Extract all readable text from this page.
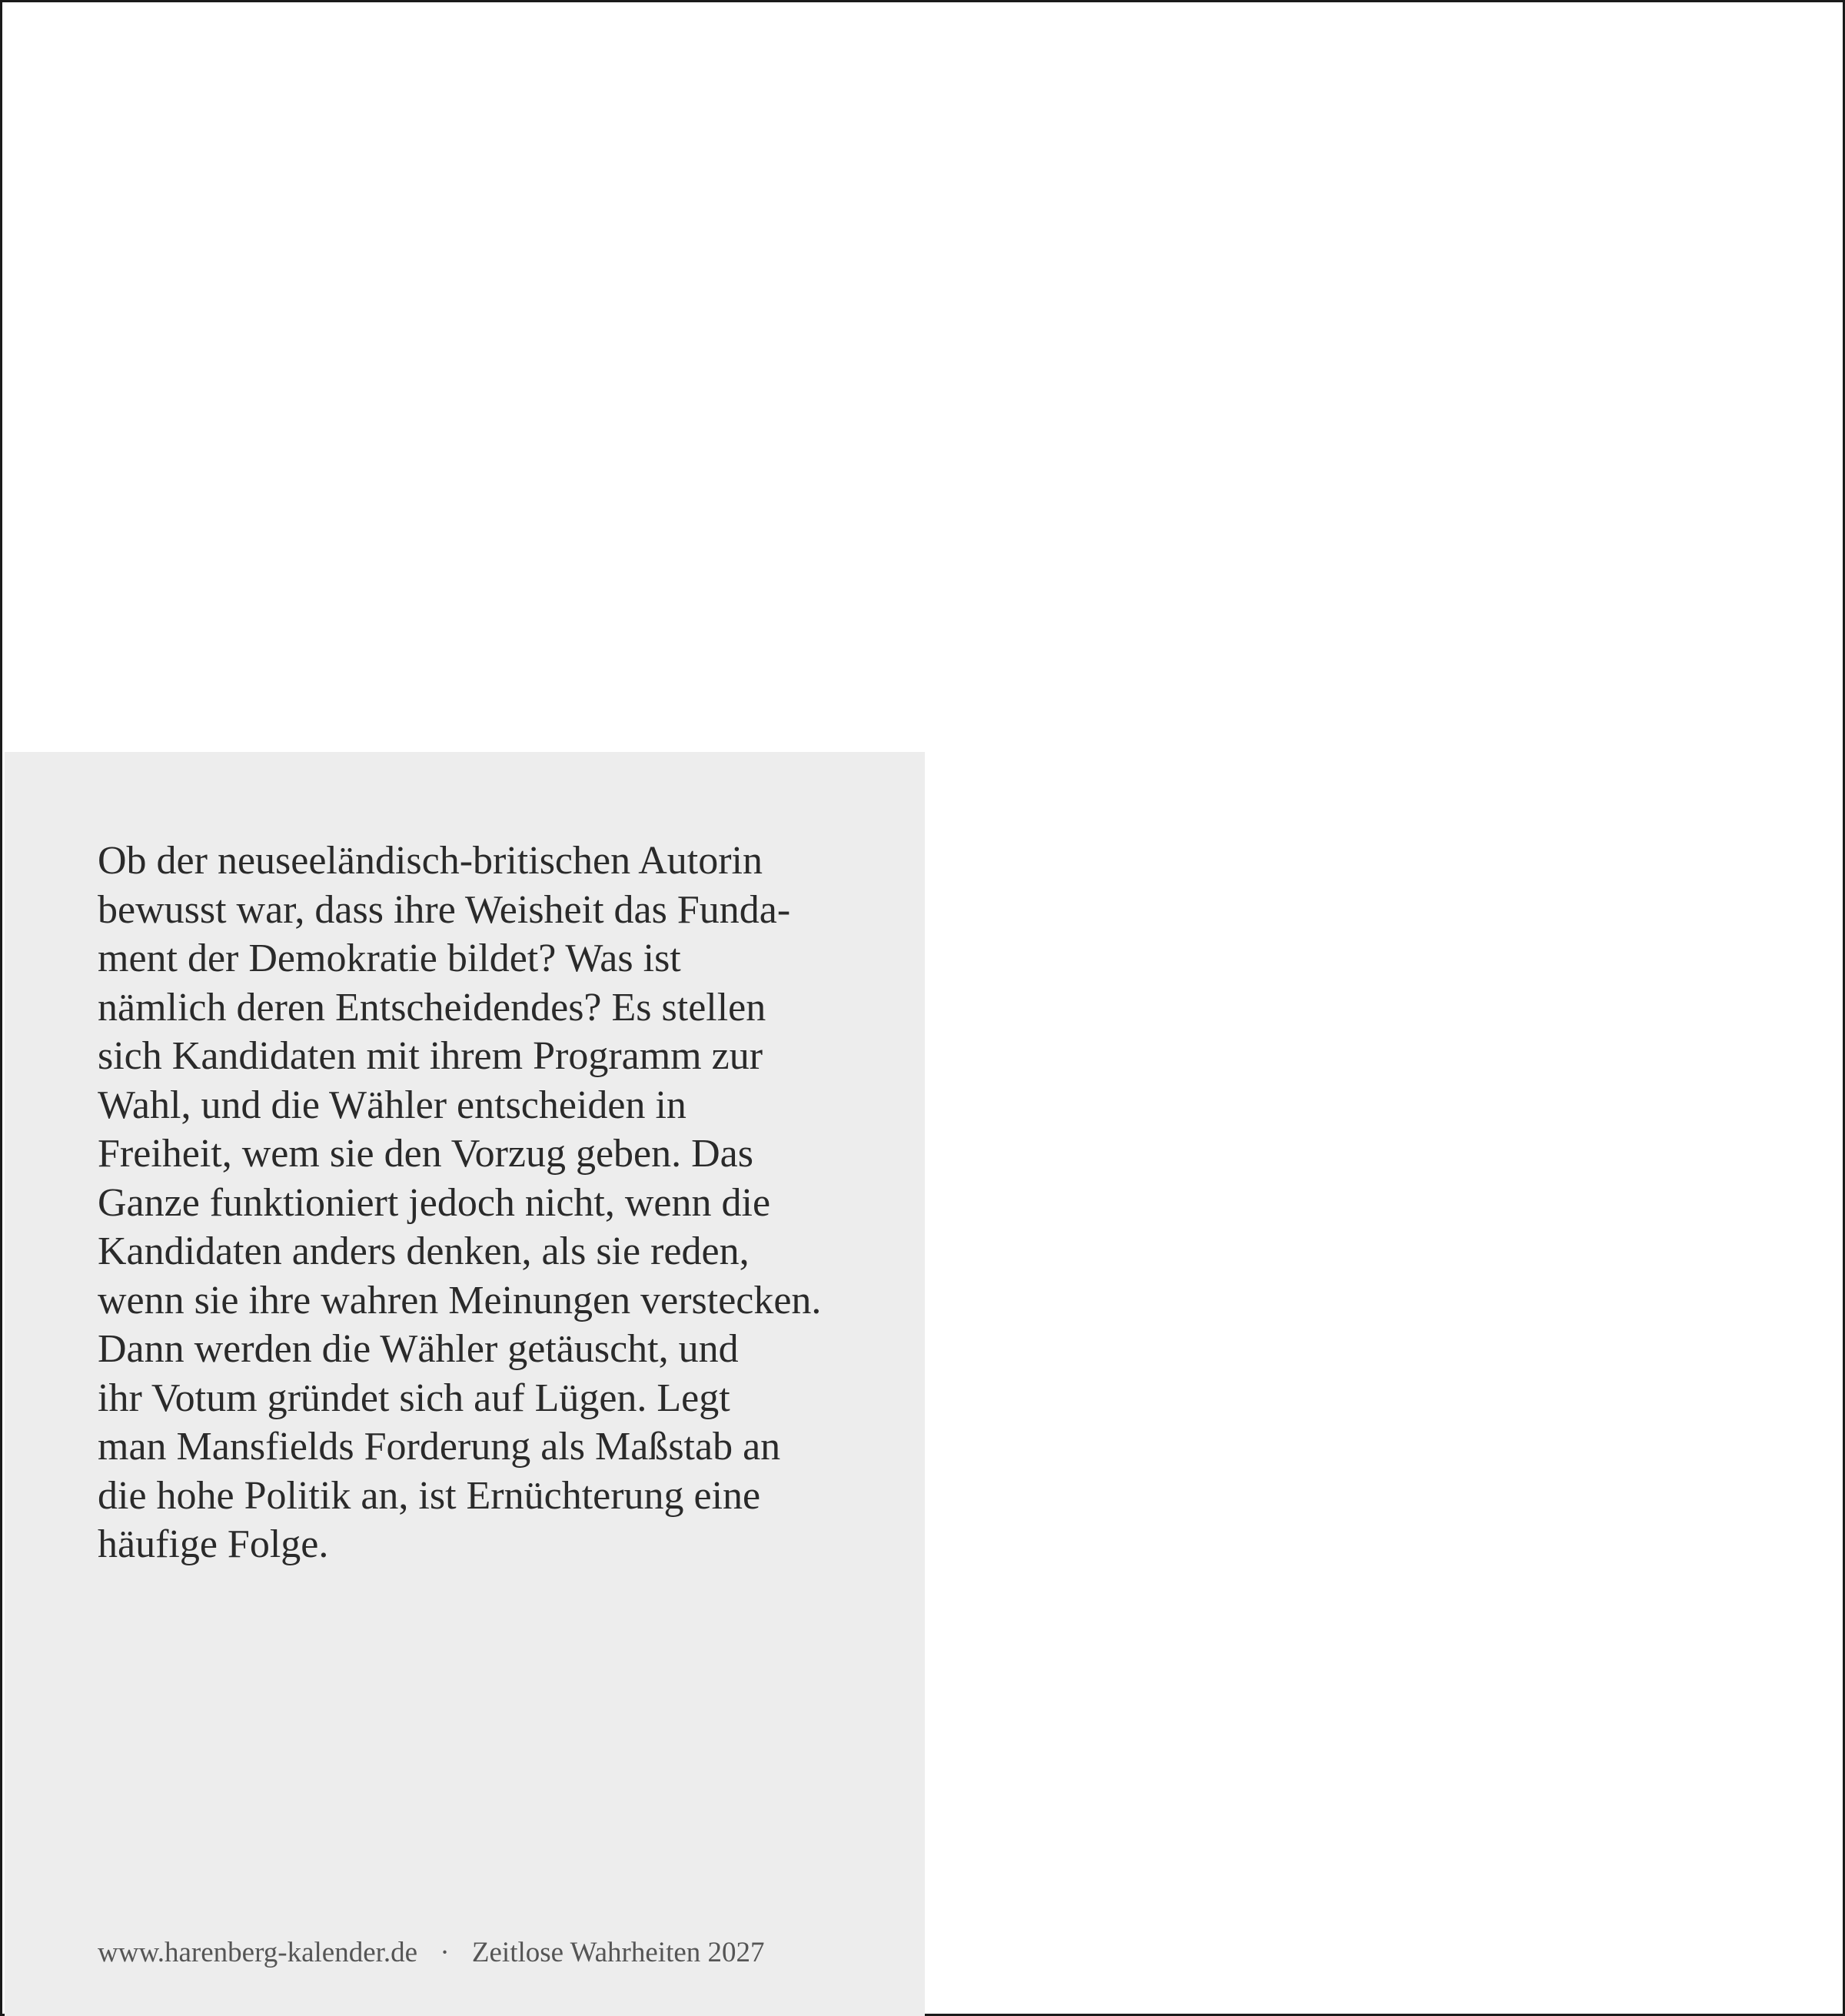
Ob der neuseeländisch-britischen Autorin
bewusst war, dass ihre Weisheit das Funda-
ment der Demokratie bildet? Was ist
nämlich deren Entscheidendes? Es stellen
sich Kandidaten mit ihrem Programm zur
Wahl, und die Wähler entscheiden in
Freiheit, wem sie den Vorzug geben. Das
Ganze funktioniert jedoch nicht, wenn die
Kandidaten anders denken, als sie reden,
wenn sie ihre wahren Meinungen verstecken.
Dann werden die Wähler getäuscht, und
ihr Votum gründet sich auf Lügen. Legt
man Mansfields Forderung als Maßstab an
die hohe Politik an, ist Ernüchterung eine
häufige Folge.

www.harenberg-kalender.de · Zeitlose Wahrheiten 2027
